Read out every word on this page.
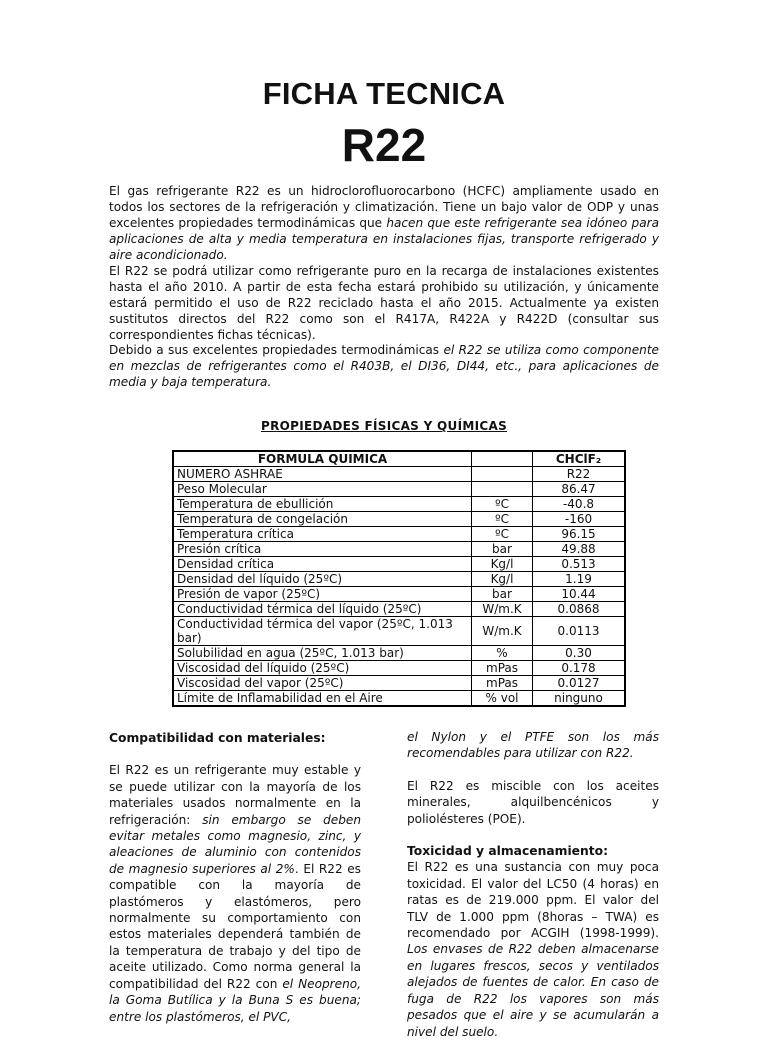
FICHA TECNICA
R22

El gas refrigerante R22 es un hidroclorofluorocarbono (HCFC) ampliamente usado en todos los sectores de la refrigeración y climatización. Tiene un bajo valor de ODP y unas excelentes propiedades termodinámicas que hacen que este refrigerante sea idóneo para aplicaciones de alta y media temperatura en instalaciones fijas, transporte refrigerado y aire acondicionado.

El R22 se podrá utilizar como refrigerante puro en la recarga de instalaciones existentes hasta el año 2010. A partir de esta fecha estará prohibido su utilización, y únicamente estará permitido el uso de R22 reciclado hasta el año 2015. Actualmente ya existen sustitutos directos del R22 como son el R417A, R422A y R422D (consultar sus correspondientes fichas técnicas).

Debido a sus excelentes propiedades termodinámicas el R22 se utiliza como componente en mezclas de refrigerantes como el R403B, el DI36, DI44, etc., para aplicaciones de media y baja temperatura.

PROPIEDADES FÍSICAS Y QUÍMICAS
FORMULA QUIMICA		CHClF₂
NUMERO ASHRAE		R22
Peso Molecular		86.47
Temperatura de ebullición	ºC	-40.8
Temperatura de congelación	ºC	-160
Temperatura crítica	ºC	96.15
Presión crítica	bar	49.88
Densidad crítica	Kg/l	0.513
Densidad del líquido (25ºC)	Kg/l	1.19
Presión de vapor (25ºC)	bar	10.44
Conductividad térmica del líquido (25ºC)	W/m.K	0.0868
Conductividad térmica del vapor (25ºC, 1.013 bar)	W/m.K	0.0113
Solubilidad en agua (25ºC, 1.013 bar)	%	0.30
Viscosidad del líquido (25ºC)	mPas	0.178
Viscosidad del vapor (25ºC)	mPas	0.0127
Límite de Inflamabilidad en el Aire	% vol	ninguno

Compatibilidad con materiales:

El R22 es un refrigerante muy estable y se puede utilizar con la mayoría de los materiales usados normalmente en la refrigeración: sin embargo se deben evitar metales como magnesio, zinc, y aleaciones de aluminio con contenidos de magnesio superiores al 2%. El R22 es compatible con la mayoría de plastómeros y elastómeros, pero normalmente su comportamiento con estos materiales dependerá también de la temperatura de trabajo y del tipo de aceite utilizado. Como norma general la compatibilidad del R22 con el Neopreno, la Goma Butílica y la Buna S es buena; entre los plastómeros, el PVC,

el Nylon y el PTFE son los más recomendables para utilizar con R22.

El R22 es miscible con los aceites minerales, alquilbencénicos y poliolésteres (POE).

Toxicidad y almacenamiento:

El R22 es una sustancia con muy poca toxicidad. El valor del LC50 (4 horas) en ratas es de 219.000 ppm. El valor del TLV de 1.000 ppm (8horas – TWA) es recomendado por ACGIH (1998-1999). Los envases de R22 deben almacenarse en lugares frescos, secos y ventilados alejados de fuentes de calor. En caso de fuga de R22 los vapores son más pesados que el aire y se acumularán a nivel del suelo.
